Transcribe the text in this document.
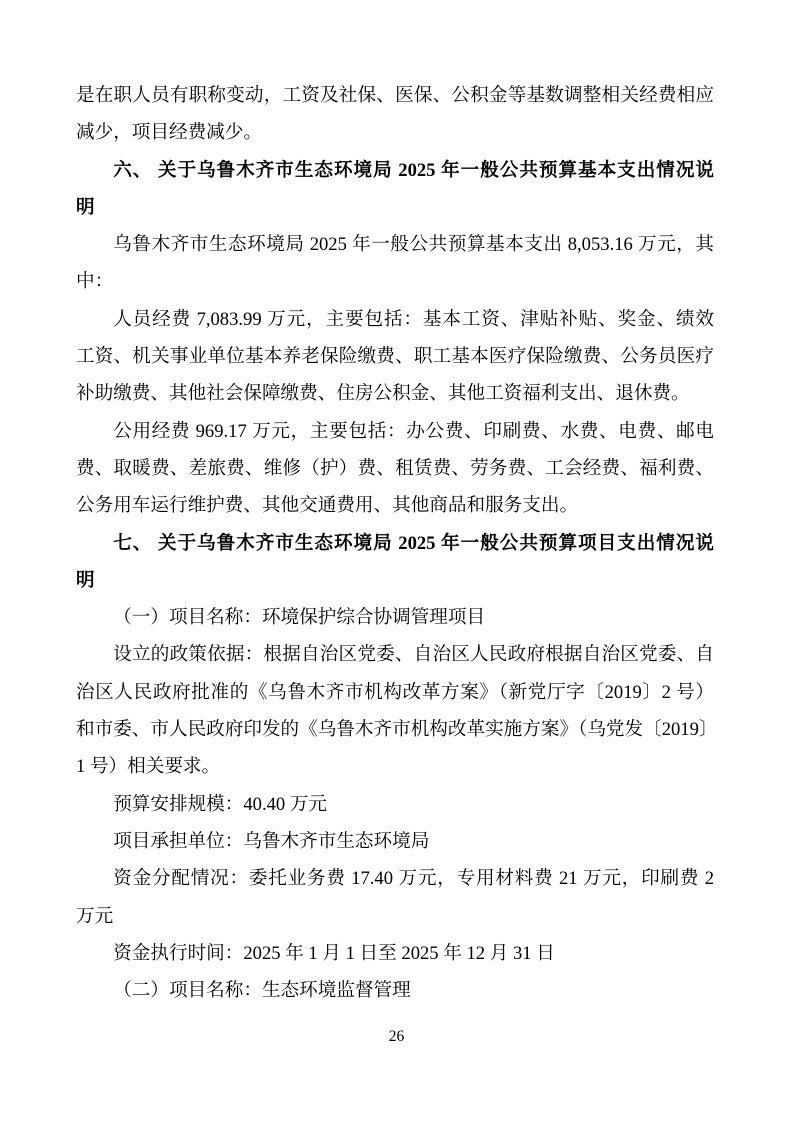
是在职人员有职称变动，工资及社保、医保、公积金等基数调整相关经费相应
减少，项目经费减少。
六、 关于乌鲁木齐市生态环境局 2025 年一般公共预算基本支出情况说
明
乌鲁木齐市生态环境局 2025 年一般公共预算基本支出 8,053.16 万元，其
中：
人员经费 7,083.99 万元，主要包括：基本工资、津贴补贴、奖金、绩效
工资、机关事业单位基本养老保险缴费、职工基本医疗保险缴费、公务员医疗
补助缴费、其他社会保障缴费、住房公积金、其他工资福利支出、退休费。
公用经费 969.17 万元，主要包括：办公费、印刷费、水费、电费、邮电
费、取暖费、差旅费、维修（护）费、租赁费、劳务费、工会经费、福利费、
公务用车运行维护费、其他交通费用、其他商品和服务支出。
七、 关于乌鲁木齐市生态环境局 2025 年一般公共预算项目支出情况说
明
（一）项目名称：环境保护综合协调管理项目
设立的政策依据：根据自治区党委、自治区人民政府根据自治区党委、自
治区人民政府批准的《乌鲁木齐市机构改革方案》（新党厅字〔2019〕2 号）
和市委、市人民政府印发的《乌鲁木齐市机构改革实施方案》（乌党发〔2019〕
1 号）相关要求。
预算安排规模：40.40 万元
项目承担单位：乌鲁木齐市生态环境局
资金分配情况：委托业务费 17.40 万元，专用材料费 21 万元，印刷费 2
万元
资金执行时间：2025 年 1 月 1 日至 2025 年 12 月 31 日
（二）项目名称：生态环境监督管理
26
